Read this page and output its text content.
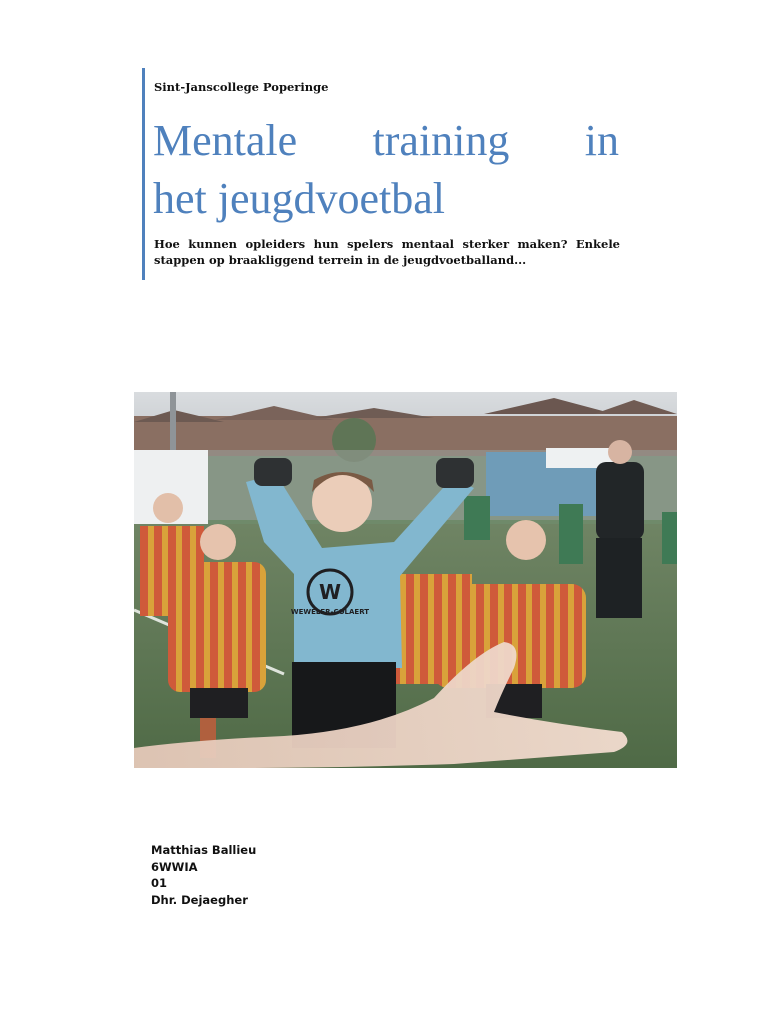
Sint-Janscollege Poperinge
Mentale training in
het jeugdvoetbal
Hoe kunnen opleiders hun spelers mentaal sterker maken? Enkele stappen op braakliggend terrein in de jeugdvoetballand...
W
WEWELER-COLAERT
Matthias Ballieu
6WWIA
01
Dhr. Dejaegher
